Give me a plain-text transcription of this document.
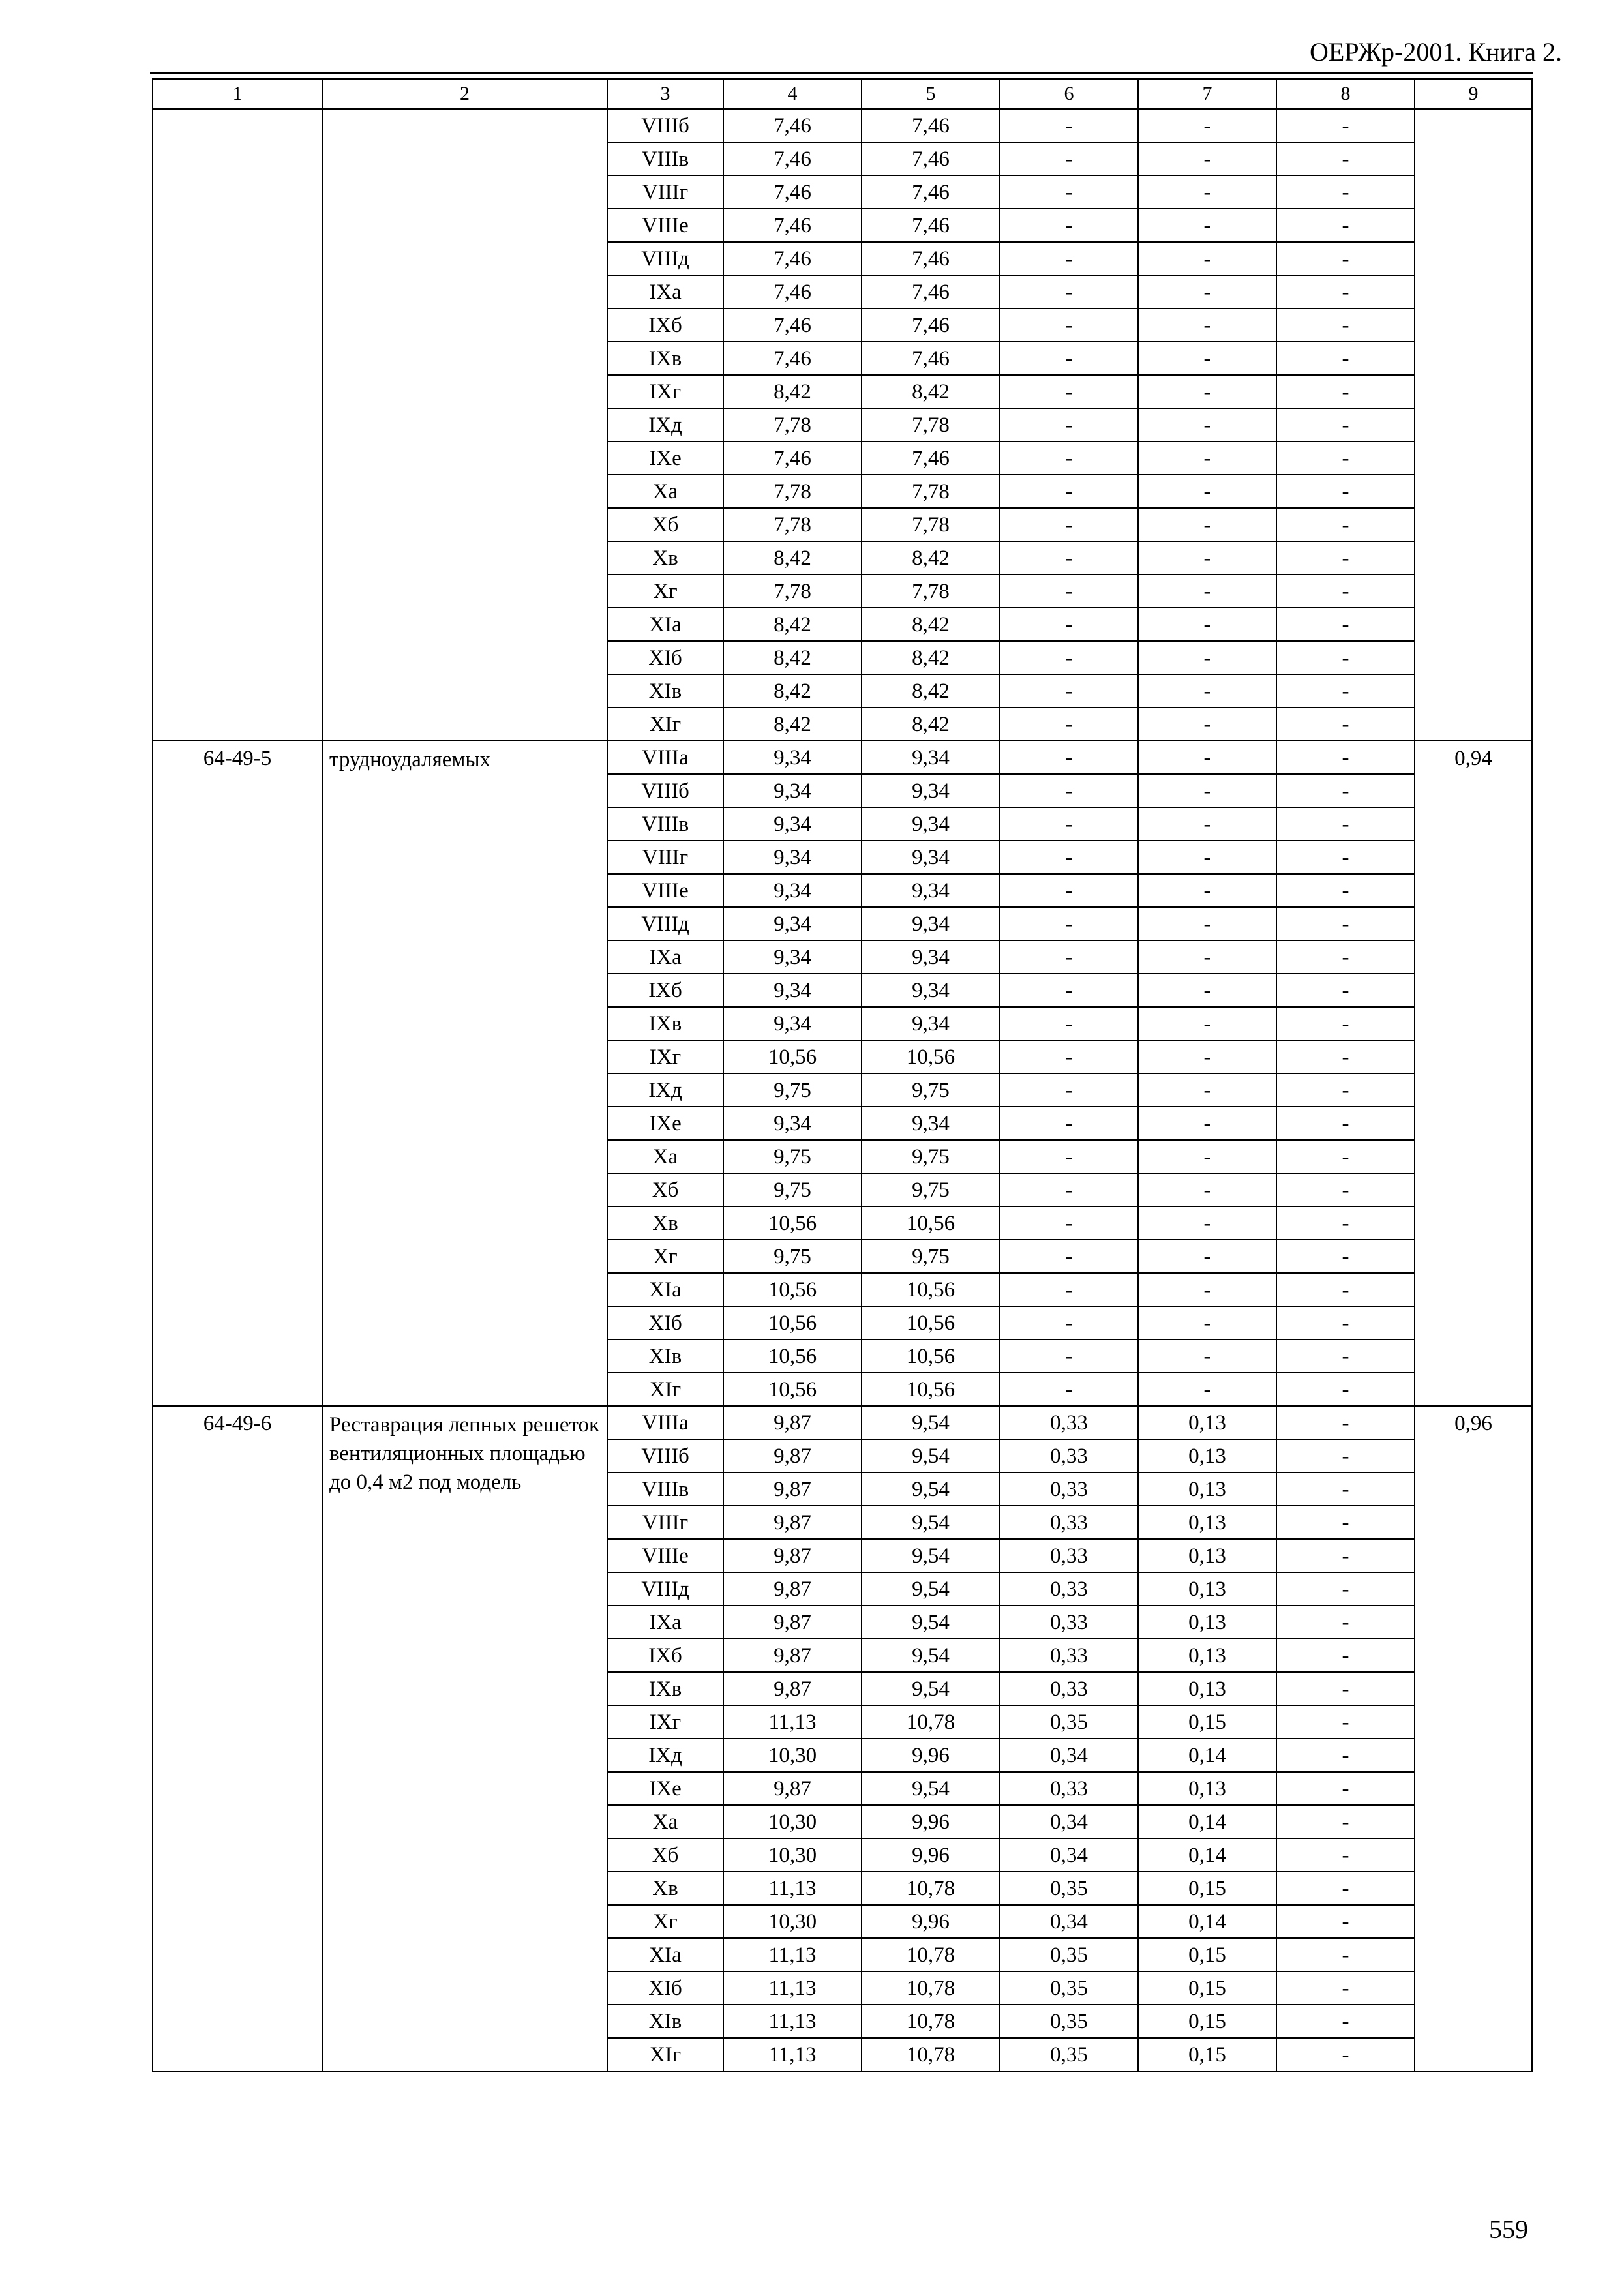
ОЕРЖр-2001. Книга 2.
1	2	3	4	5	6	7	8	9
		VIIIб	7,46	7,46	-	-	-	
		VIIIв	7,46	7,46	-	-	-	
		VIIIг	7,46	7,46	-	-	-	
		VIIIе	7,46	7,46	-	-	-	
		VIIIд	7,46	7,46	-	-	-	
		IXа	7,46	7,46	-	-	-	
		IXб	7,46	7,46	-	-	-	
		IXв	7,46	7,46	-	-	-	
		IXг	8,42	8,42	-	-	-	
		IXд	7,78	7,78	-	-	-	
		IXе	7,46	7,46	-	-	-	
		Xа	7,78	7,78	-	-	-	
		Xб	7,78	7,78	-	-	-	
		Xв	8,42	8,42	-	-	-	
		Xг	7,78	7,78	-	-	-	
		XIа	8,42	8,42	-	-	-	
		XIб	8,42	8,42	-	-	-	
		XIв	8,42	8,42	-	-	-	
		XIг	8,42	8,42	-	-	-	
64-49-5	трудноудаляемых	VIIIа	9,34	9,34	-	-	-	0,94
		VIIIб	9,34	9,34	-	-	-	
		VIIIв	9,34	9,34	-	-	-	
		VIIIг	9,34	9,34	-	-	-	
		VIIIе	9,34	9,34	-	-	-	
		VIIIд	9,34	9,34	-	-	-	
		IXа	9,34	9,34	-	-	-	
		IXб	9,34	9,34	-	-	-	
		IXв	9,34	9,34	-	-	-	
		IXг	10,56	10,56	-	-	-	
		IXд	9,75	9,75	-	-	-	
		IXе	9,34	9,34	-	-	-	
		Xа	9,75	9,75	-	-	-	
		Xб	9,75	9,75	-	-	-	
		Xв	10,56	10,56	-	-	-	
		Xг	9,75	9,75	-	-	-	
		XIа	10,56	10,56	-	-	-	
		XIб	10,56	10,56	-	-	-	
		XIв	10,56	10,56	-	-	-	
		XIг	10,56	10,56	-	-	-	
64-49-6	Реставрация лепных решеток вентиляционных площадью до 0,4 м2 под модель	VIIIа	9,87	9,54	0,33	0,13	-	0,96
		VIIIб	9,87	9,54	0,33	0,13	-	
		VIIIв	9,87	9,54	0,33	0,13	-	
		VIIIг	9,87	9,54	0,33	0,13	-	
		VIIIе	9,87	9,54	0,33	0,13	-	
		VIIIд	9,87	9,54	0,33	0,13	-	
		IXа	9,87	9,54	0,33	0,13	-	
		IXб	9,87	9,54	0,33	0,13	-	
		IXв	9,87	9,54	0,33	0,13	-	
		IXг	11,13	10,78	0,35	0,15	-	
		IXд	10,30	9,96	0,34	0,14	-	
		IXе	9,87	9,54	0,33	0,13	-	
		Xа	10,30	9,96	0,34	0,14	-	
		Xб	10,30	9,96	0,34	0,14	-	
		Xв	11,13	10,78	0,35	0,15	-	
		Xг	10,30	9,96	0,34	0,14	-	
		XIа	11,13	10,78	0,35	0,15	-	
		XIб	11,13	10,78	0,35	0,15	-	
		XIв	11,13	10,78	0,35	0,15	-	
		XIг	11,13	10,78	0,35	0,15	-	
559
